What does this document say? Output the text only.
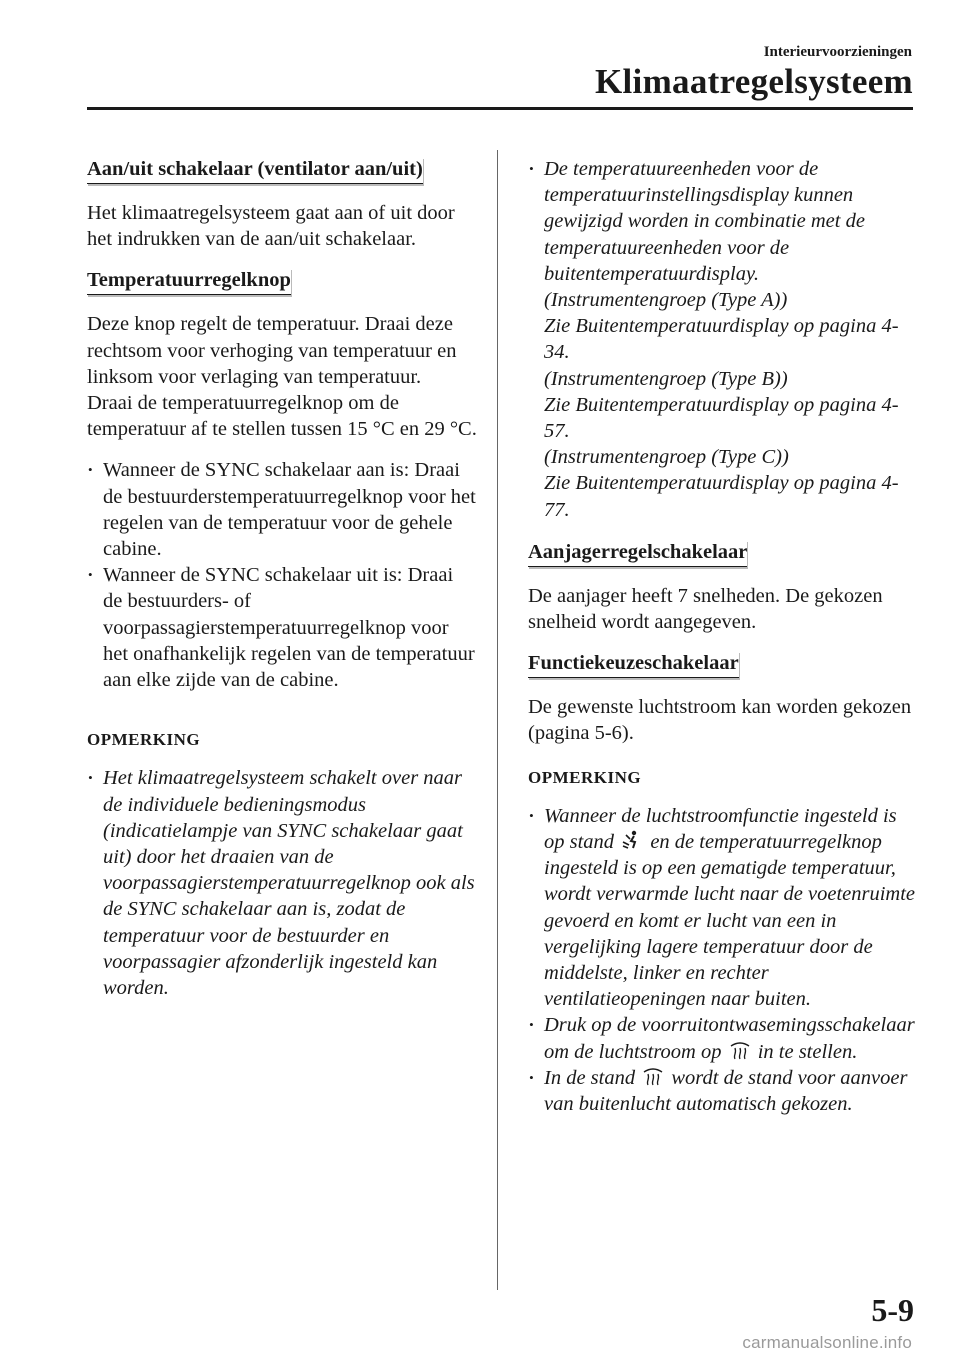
Interieurvoorzieningen
Klimaatregelsysteem
Aan/uit schakelaar (ventilator aan/uit)

Het klimaatregelsysteem gaat aan of uit door het indrukken van de aan/uit schakelaar.

Temperatuurregelknop

Deze knop regelt de temperatuur. Draai deze rechtsom voor verhoging van temperatuur en linksom voor verlaging van temperatuur.

Draai de temperatuurregelknop om de temperatuur af te stellen tussen 15 °C en 29 °C.

• Wanneer de SYNC schakelaar aan is: Draai de bestuurderstemperatuurregelknop voor het regelen van de temperatuur voor de gehele cabine.
• Wanneer de SYNC schakelaar uit is: Draai de bestuurders- of voorpassagierstemperatuurregelknop voor het onafhankelijk regelen van de temperatuur aan elke zijde van de cabine.
OPMERKING
• Het klimaatregelsysteem schakelt over naar de individuele bedieningsmodus (indicatielampje van SYNC schakelaar gaat uit) door het draaien van de voorpassagierstemperatuurregelknop ook als de SYNC schakelaar aan is, zodat de temperatuur voor de bestuurder en voorpassagier afzonderlijk ingesteld kan worden.
• De temperatuureenheden voor de temperatuurinstellingsdisplay kunnen gewijzigd worden in combinatie met de temperatuureenheden voor de buitentemperatuurdisplay.
(Instrumentengroep (Type A))
Zie Buitentemperatuurdisplay op pagina 4-34.
(Instrumentengroep (Type B))
Zie Buitentemperatuurdisplay op pagina 4-57.
(Instrumentengroep (Type C))
Zie Buitentemperatuurdisplay op pagina 4-77.
Aanjagerregelschakelaar

De aanjager heeft 7 snelheden. De gekozen snelheid wordt aangegeven.

Functiekeuzeschakelaar

De gewenste luchtstroom kan worden gekozen (pagina 5-6).

OPMERKING
• Wanneer de luchtstroomfunctie ingesteld is op stand en de temperatuurregelknop ingesteld is op een gematigde temperatuur, wordt verwarmde lucht naar de voetenruimte gevoerd en komt er lucht van een in vergelijking lagere temperatuur door de middelste, linker en rechter ventilatieopeningen naar buiten.
• Druk op de voorruitontwasemingsschakelaar om de luchtstroom op in te stellen.
• In de stand wordt de stand voor aanvoer van buitenlucht automatisch gekozen.
5-9
carmanualsonline.info
